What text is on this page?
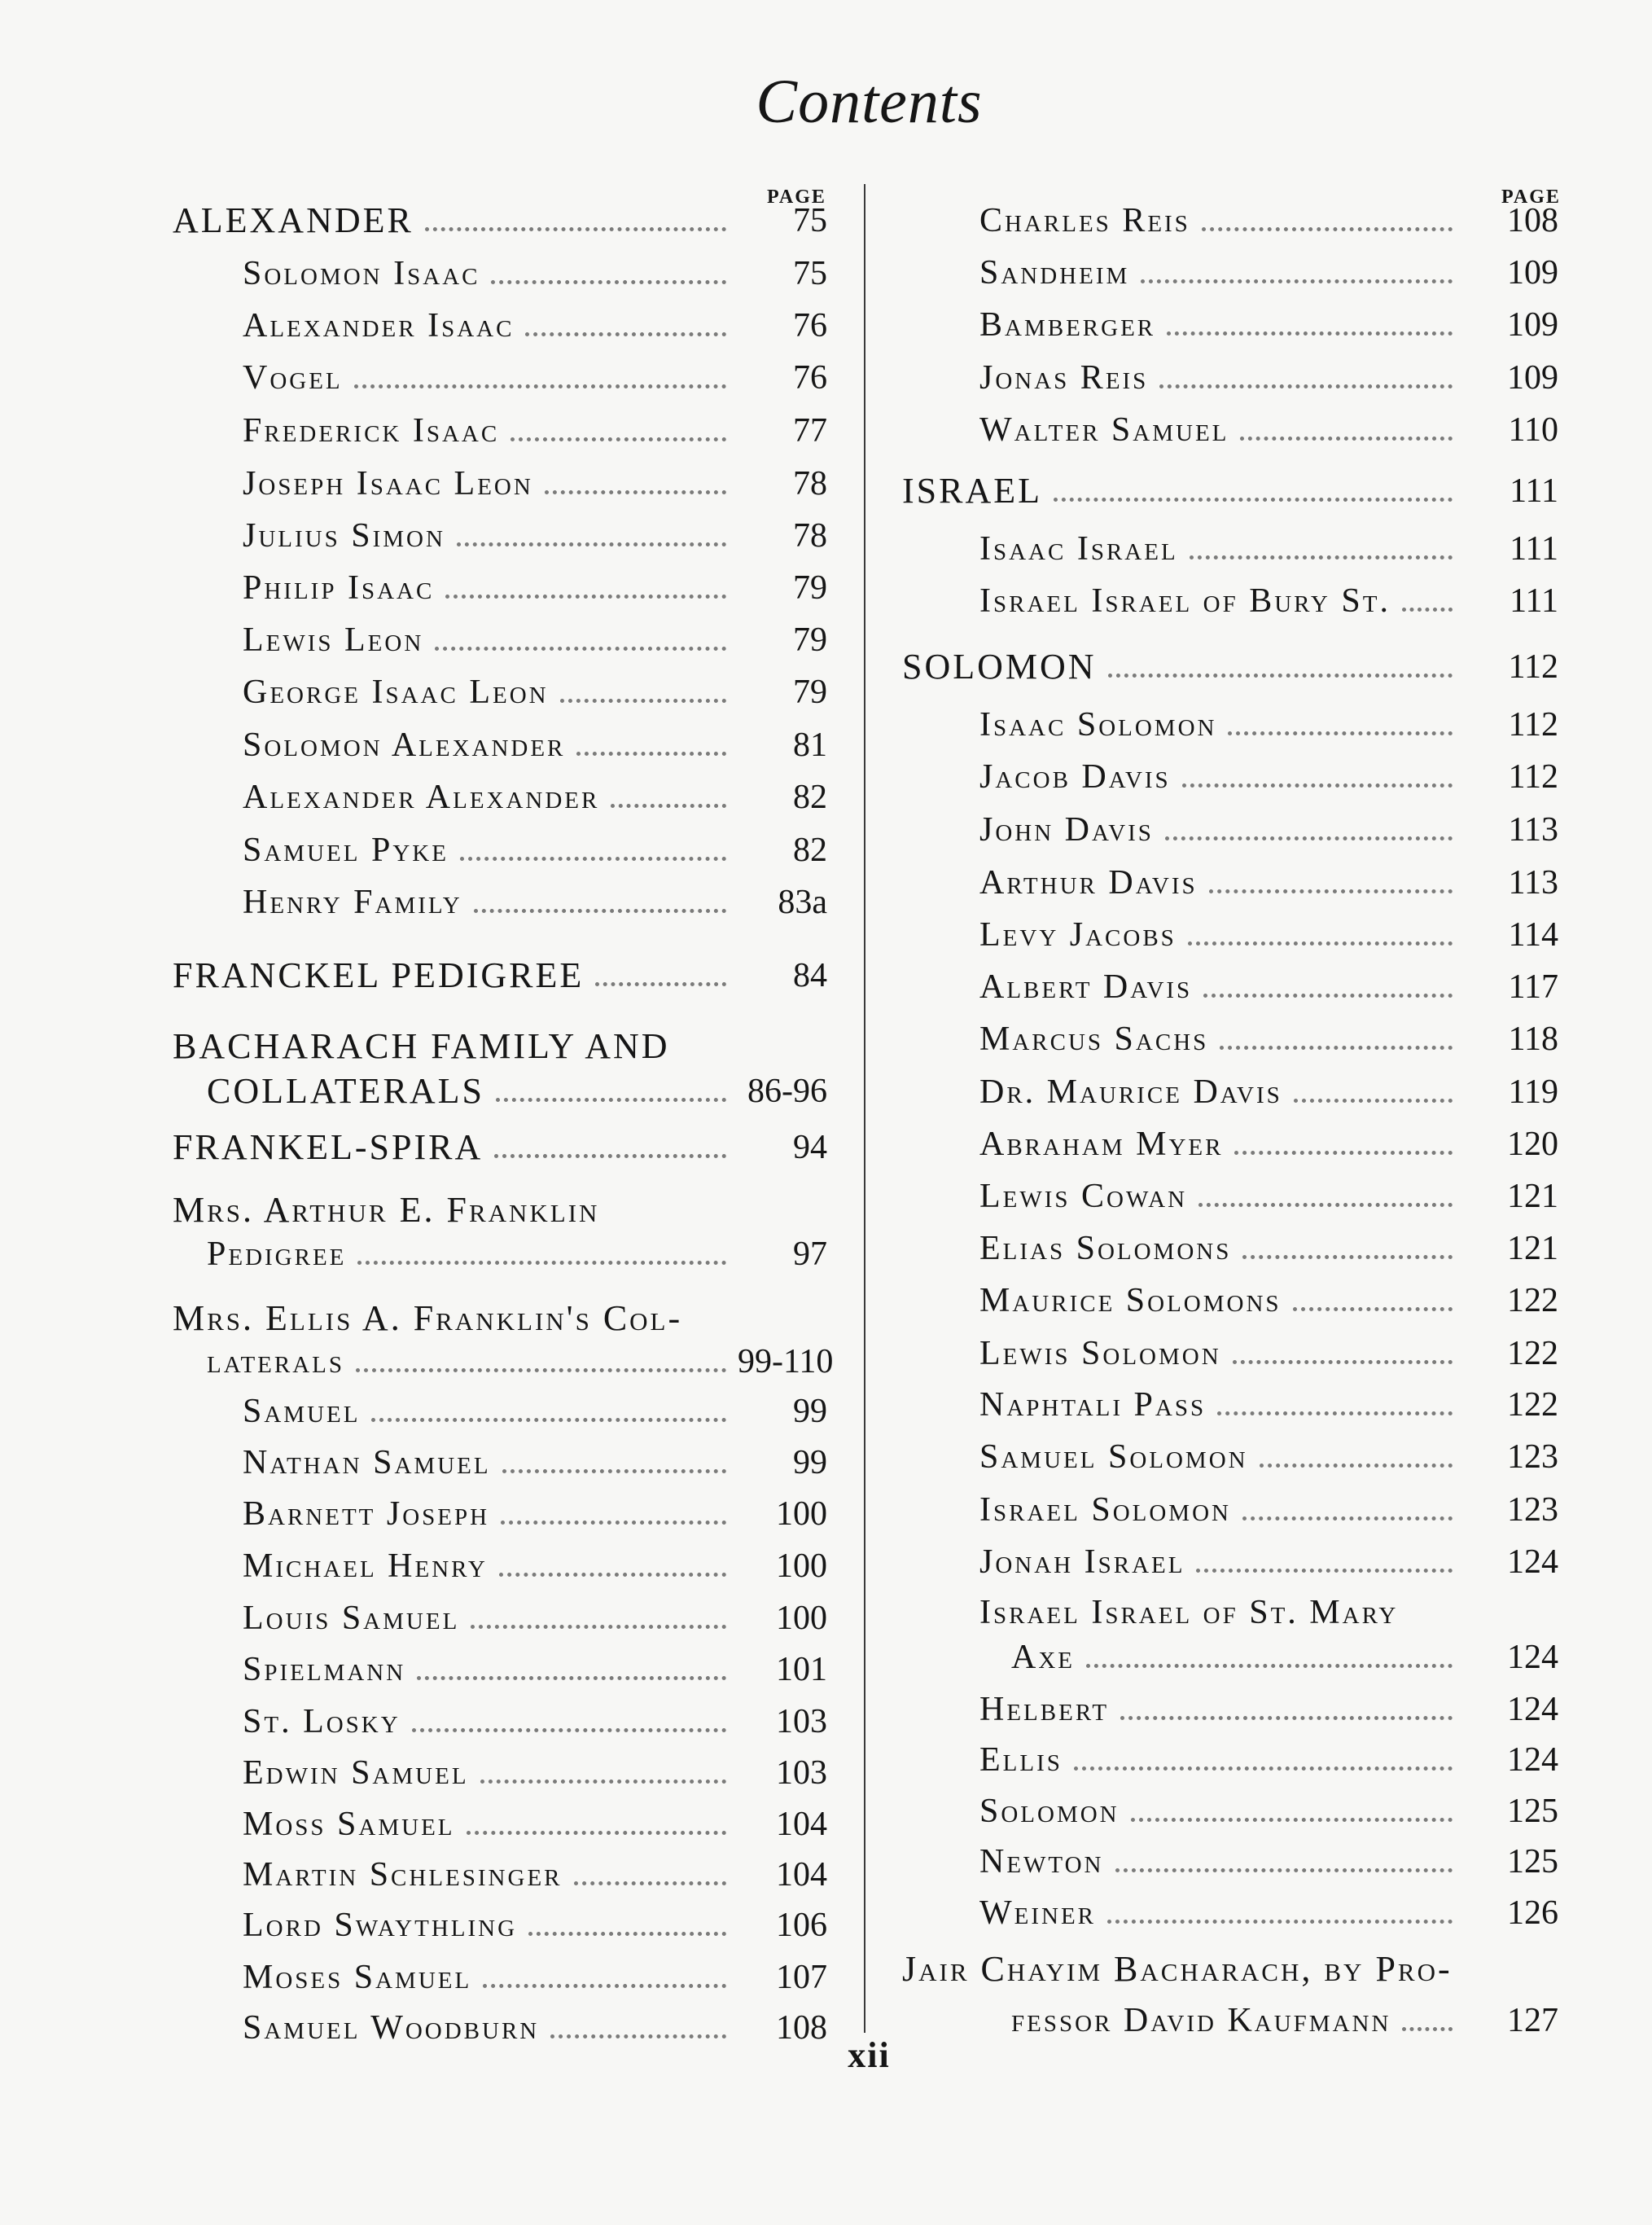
Contents
PAGE
ALEXANDER	75
Solomon Isaac	75
Alexander Isaac	76
Vogel	76
Frederick Isaac	77
Joseph Isaac Leon	78
Julius Simon	78
Philip Isaac	79
Lewis Leon	79
George Isaac Leon	79
Solomon Alexander	81
Alexander Alexander	82
Samuel Pyke	82
Henry Family	83a
FRANCKEL PEDIGREE	84
BACHARACH FAMILY AND
COLLATERALS	86-96
FRANKEL-SPIRA	94
Mrs. Arthur E. Franklin
Pedigree	97
Mrs. Ellis A. Franklin's Col-
laterals	99-110
Samuel	99
Nathan Samuel	99
Barnett Joseph	100
Michael Henry	100
Louis Samuel	100
Spielmann	101
St. Losky	103
Edwin Samuel	103
Moss Samuel	104
Martin Schlesinger	104
Lord Swaythling	106
Moses Samuel	107
Samuel Woodburn	108
PAGE
Charles Reis	108
Sandheim	109
Bamberger	109
Jonas Reis	109
Walter Samuel	110
ISRAEL	111
Isaac Israel	111
Israel Israel of Bury St.	111
SOLOMON	112
Isaac Solomon	112
Jacob Davis	112
John Davis	113
Arthur Davis	113
Levy Jacobs	114
Albert Davis	117
Marcus Sachs	118
Dr. Maurice Davis	119
Abraham Myer	120
Lewis Cowan	121
Elias Solomons	121
Maurice Solomons	122
Lewis Solomon	122
Naphtali Pass	122
Samuel Solomon	123
Israel Solomon	123
Jonah Israel	124
Israel Israel of St. Mary
Axe	124
Helbert	124
Ellis	124
Solomon	125
Newton	125
Weiner	126
Jair Chayim Bacharach, by Pro-
fessor David Kaufmann	127
xii
